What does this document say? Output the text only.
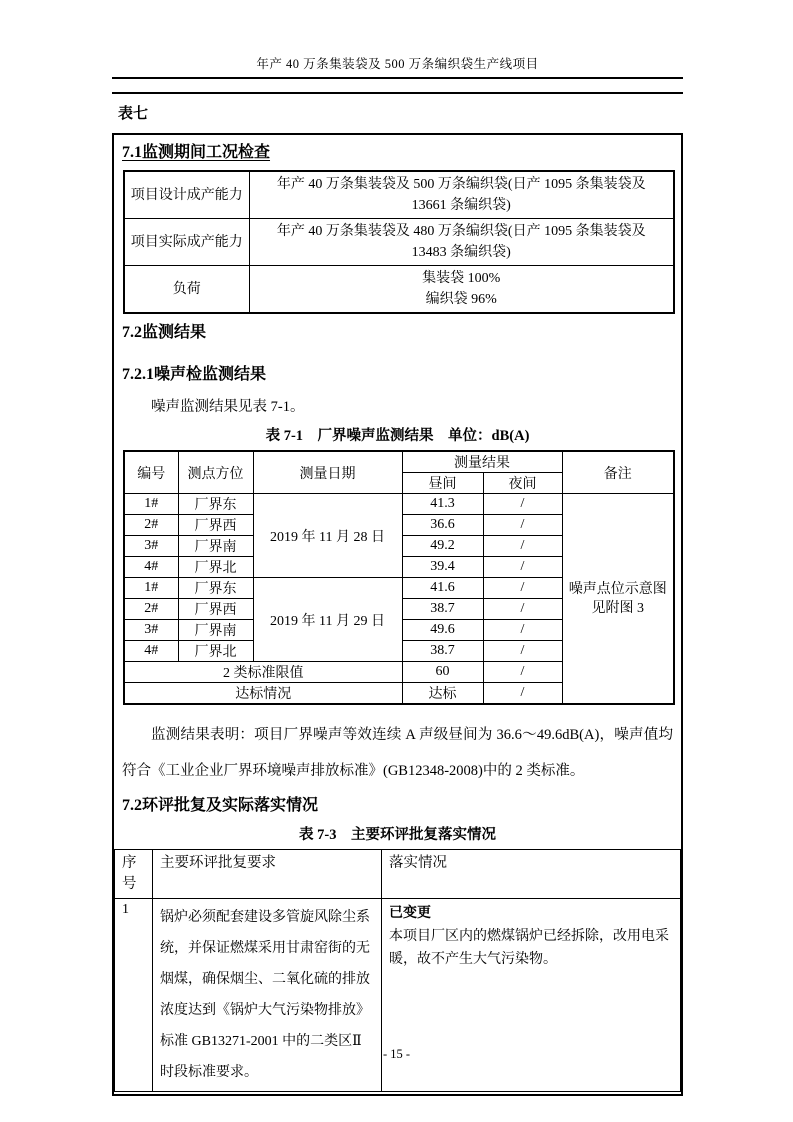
年产 40 万条集装袋及 500 万条编织袋生产线项目
表七
7.1监测期间工况检查
项目设计成产能力	年产 40 万条集装袋及 500 万条编织袋(日产 1095 条集装袋及
13661 条编织袋)

项目实际成产能力	年产 40 万条集装袋及 480 万条编织袋(日产 1095 条集装袋及
13483 条编织袋)

负荷	集装袋 100%
编织袋 96%
7.2监测结果
7.2.1噪声检监测结果
噪声监测结果见表 7-1。
表 7-1　厂界噪声监测结果　单位：dB(A)
编号	测点方位	测量日期	测量结果		备注
			昼间	夜间	
1#	厂界东	2019 年 11 月 28 日	41.3	/	噪声点位示意图
见附图 3

2#	厂界西		36.6	/	
3#	厂界南		49.2	/	
4#	厂界北		39.4	/	
1#	厂界东	2019 年 11 月 29 日	41.6	/	
2#	厂界西		38.7	/	
3#	厂界南		49.6	/	
4#	厂界北		38.7	/	
2 类标准限值			60	/	
达标情况			达标	/	
监测结果表明：项目厂界噪声等效连续 A 声级昼间为 36.6～49.6dB(A)，噪声值均符合《工业企业厂界环境噪声排放标准》(GB12348-2008)中的 2 类标准。
7.2环评批复及实际落实情况
表 7-3　主要环评批复落实情况
序号	主要环评批复要求	落实情况
1	锅炉必须配套建设多管旋风除尘系统，并保证燃煤采用甘肃窑街的无烟煤，确保烟尘、二氧化硫的排放浓度达到《锅炉大气污染物排放》标准 GB13271-2001 中的二类区Ⅱ时段标准要求。	已变更
本项目厂区内的燃煤锅炉已经拆除，改用电采暖，故不产生大气污染物。
- 15 -
